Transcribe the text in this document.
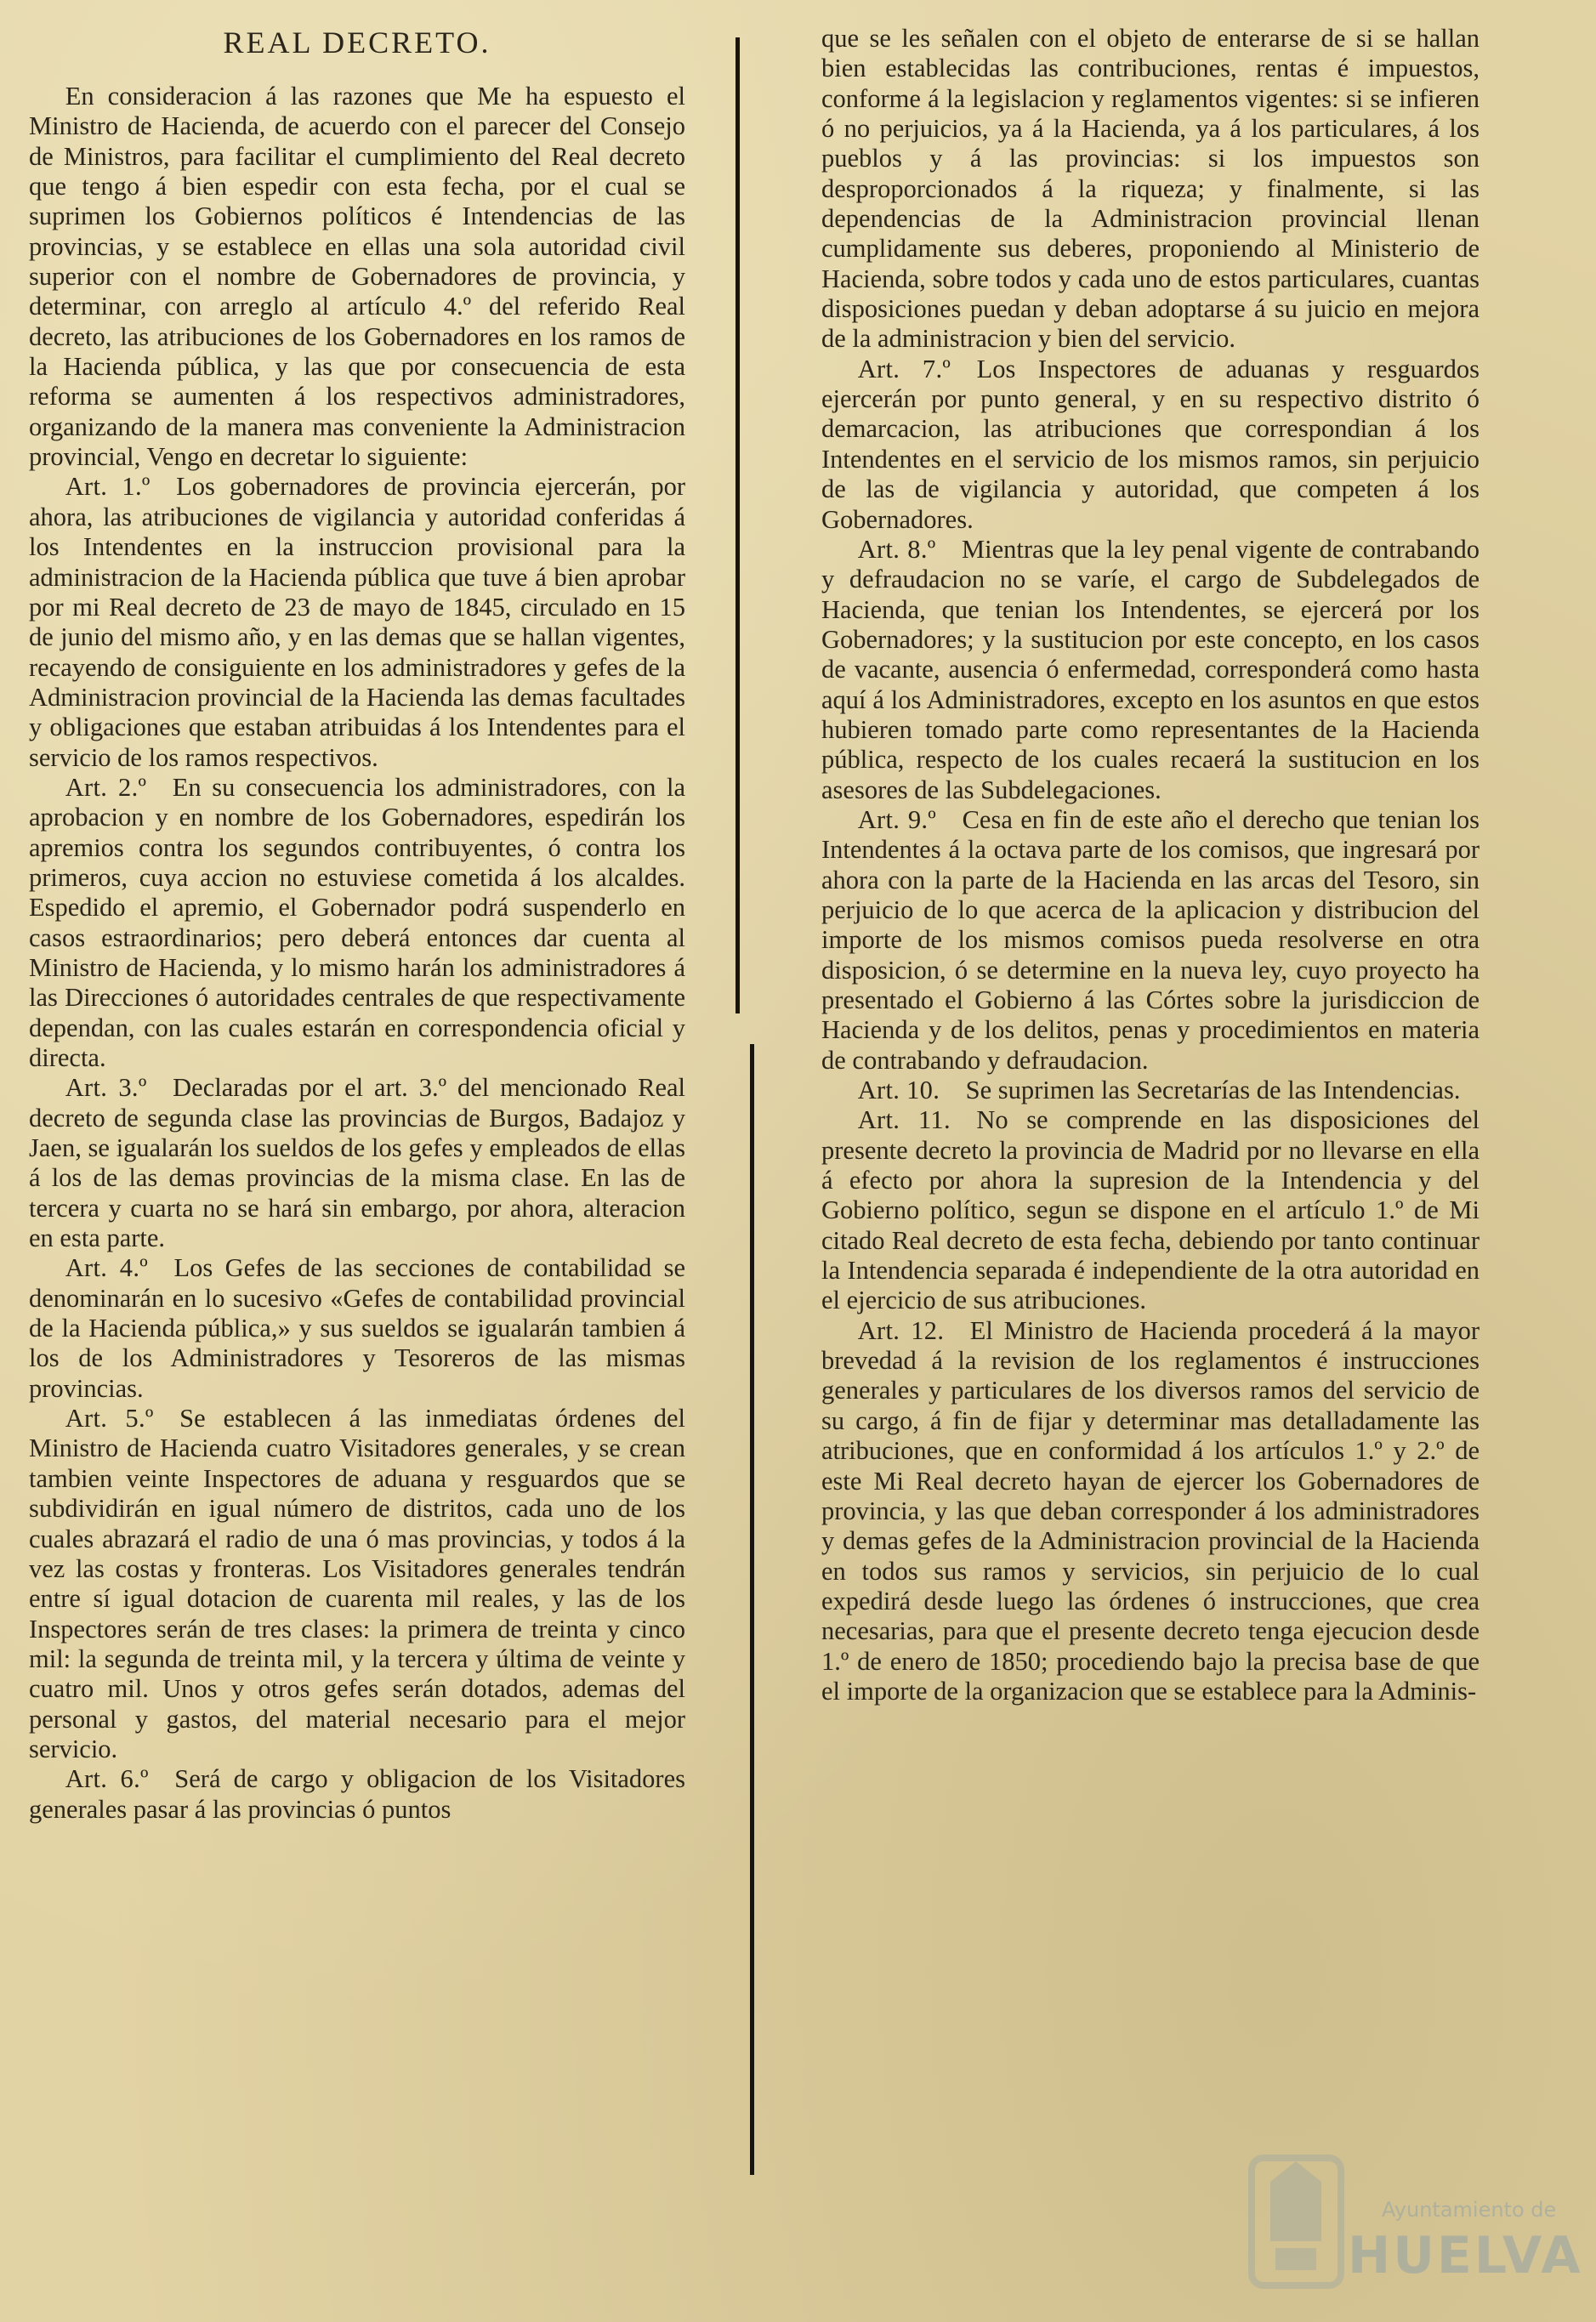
REAL DECRETO.

En consideracion á las razones que Me ha espuesto el Ministro de Hacienda, de acuerdo con el parecer del Consejo de Ministros, para facilitar el cumplimiento del Real decreto que tengo á bien espedir con esta fecha, por el cual se suprimen los Gobiernos políticos é Intendencias de las provincias, y se establece en ellas una sola autoridad civil superior con el nombre de Gobernadores de provincia, y determinar, con arreglo al artículo 4.º del referido Real decreto, las atribuciones de los Gobernadores en los ramos de la Hacienda pública, y las que por consecuencia de esta reforma se aumenten á los respectivos administradores, organizando de la manera mas conveniente la Administracion provincial, Vengo en decretar lo siguiente:

Art. 1.º  Los gobernadores de provincia ejercerán, por ahora, las atribuciones de vigilancia y autoridad conferidas á los Intendentes en la instruccion provisional para la administracion de la Hacienda pública que tuve á bien aprobar por mi Real decreto de 23 de mayo de 1845, circulado en 15 de junio del mismo año, y en las demas que se hallan vigentes, recayendo de consiguiente en los administradores y gefes de la Administracion provincial de la Hacienda las demas facultades y obligaciones que estaban atribuidas á los Intendentes para el servicio de los ramos respectivos.

Art. 2.º  En su consecuencia los administradores, con la aprobacion y en nombre de los Gobernadores, espedirán los apremios contra los segundos contribuyentes, ó contra los primeros, cuya accion no estuviese cometida á los alcaldes. Espedido el apremio, el Gobernador podrá suspenderlo en casos estraordinarios; pero deberá entonces dar cuenta al Ministro de Hacienda, y lo mismo harán los administradores á las Direcciones ó autoridades centrales de que respectivamente dependan, con las cuales estarán en correspondencia oficial y directa.

Art. 3.º  Declaradas por el art. 3.º del mencionado Real decreto de segunda clase las provincias de Burgos, Badajoz y Jaen, se igualarán los sueldos de los gefes y empleados de ellas á los de las demas provincias de la misma clase. En las de tercera y cuarta no se hará sin embargo, por ahora, alteracion en esta parte.

Art. 4.º  Los Gefes de las secciones de contabilidad se denominarán en lo sucesivo «Gefes de contabilidad provincial de la Hacienda pública,» y sus sueldos se igualarán tambien á los de los Administradores y Tesoreros de las mismas provincias.

Art. 5.º  Se establecen á las inmediatas órdenes del Ministro de Hacienda cuatro Visitadores generales, y se crean tambien veinte Inspectores de aduana y resguardos que se subdividirán en igual número de distritos, cada uno de los cuales abrazará el radio de una ó mas provincias, y todos á la vez las costas y fronteras. Los Visitadores generales tendrán entre sí igual dotacion de cuarenta mil reales, y las de los Inspectores serán de tres clases: la primera de treinta y cinco mil: la segunda de treinta mil, y la tercera y última de veinte y cuatro mil. Unos y otros gefes serán dotados, ademas del personal y gastos, del material necesario para el mejor servicio.

Art. 6.º  Será de cargo y obligacion de los Visitadores generales pasar á las provincias ó puntos

que se les señalen con el objeto de enterarse de si se hallan bien establecidas las contribuciones, rentas é impuestos, conforme á la legislacion y reglamentos vigentes: si se infieren ó no perjuicios, ya á la Hacienda, ya á los particulares, á los pueblos y á las provincias: si los impuestos son desproporcionados á la riqueza; y finalmente, si las dependencias de la Administracion provincial llenan cumplidamente sus deberes, proponiendo al Ministerio de Hacienda, sobre todos y cada uno de estos particulares, cuantas disposiciones puedan y deban adoptarse á su juicio en mejora de la administracion y bien del servicio.

Art. 7.º  Los Inspectores de aduanas y resguardos ejercerán por punto general, y en su respectivo distrito ó demarcacion, las atribuciones que correspondian á los Intendentes en el servicio de los mismos ramos, sin perjuicio de las de vigilancia y autoridad, que competen á los Gobernadores.

Art. 8.º  Mientras que la ley penal vigente de contrabando y defraudacion no se varíe, el cargo de Subdelegados de Hacienda, que tenian los Intendentes, se ejercerá por los Gobernadores; y la sustitucion por este concepto, en los casos de vacante, ausencia ó enfermedad, corresponderá como hasta aquí á los Administradores, excepto en los asuntos en que estos hubieren tomado parte como representantes de la Hacienda pública, respecto de los cuales recaerá la sustitucion en los asesores de las Subdelegaciones.

Art. 9.º  Cesa en fin de este año el derecho que tenian los Intendentes á la octava parte de los comisos, que ingresará por ahora con la parte de la Hacienda en las arcas del Tesoro, sin perjuicio de lo que acerca de la aplicacion y distribucion del importe de los mismos comisos pueda resolverse en otra disposicion, ó se determine en la nueva ley, cuyo proyecto ha presentado el Gobierno á las Córtes sobre la jurisdiccion de Hacienda y de los delitos, penas y procedimientos en materia de contrabando y defraudacion.

Art. 10.  Se suprimen las Secretarías de las Intendencias.

Art. 11.  No se comprende en las disposiciones del presente decreto la provincia de Madrid por no llevarse en ella á efecto por ahora la supresion de la Intendencia y del Gobierno político, segun se dispone en el artículo 1.º de Mi citado Real decreto de esta fecha, debiendo por tanto continuar la Intendencia separada é independiente de la otra autoridad en el ejercicio de sus atribuciones.

Art. 12.  El Ministro de Hacienda procederá á la mayor brevedad á la revision de los reglamentos é instrucciones generales y particulares de los diversos ramos del servicio de su cargo, á fin de fijar y determinar mas detalladamente las atribuciones, que en conformidad á los artículos 1.º y 2.º de este Mi Real decreto hayan de ejercer los Gobernadores de provincia, y las que deban corresponder á los administradores y demas gefes de la Administracion provincial de la Hacienda en todos sus ramos y servicios, sin perjuicio de lo cual expedirá desde luego las órdenes ó instrucciones, que crea necesarias, para que el presente decreto tenga ejecucion desde 1.º de enero de 1850; procediendo bajo la precisa base de que el importe de la organizacion que se establece para la Adminis-

Ayuntamiento de
HUELVA
